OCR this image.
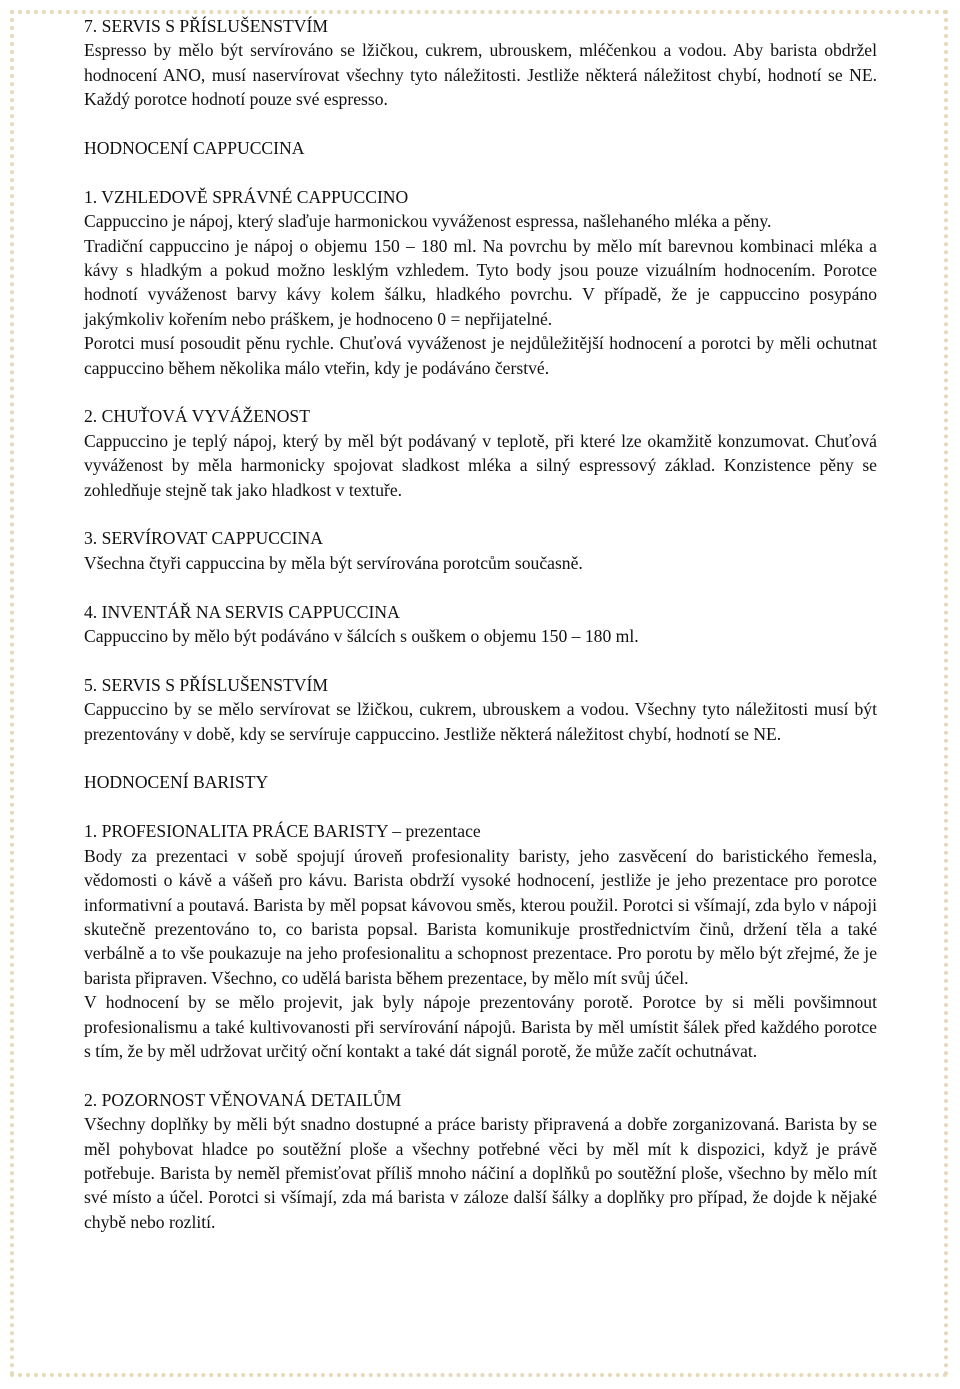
7. SERVIS S PŘÍSLUŠENSTVÍM

Espresso by mělo být servírováno se lžičkou, cukrem, ubrouskem, mléčenkou a vodou. Aby barista obdržel hodnocení ANO, musí naservírovat všechny tyto náležitosti. Jestliže některá náležitost chybí, hodnotí se NE. Každý porotce hodnotí pouze své espresso.

HODNOCENÍ CAPPUCCINA

1. VZHLEDOVĚ SPRÁVNÉ CAPPUCCINO

Cappuccino je nápoj, který slaďuje harmonickou vyváženost espressa, našlehaného mléka a pěny.

Tradiční cappuccino je nápoj o objemu 150 – 180 ml. Na povrchu by mělo mít barevnou kombinaci mléka a kávy s hladkým a pokud možno lesklým vzhledem. Tyto body jsou pouze vizuálním hodnocením. Porotce hodnotí vyváženost barvy kávy kolem šálku, hladkého povrchu. V případě, že je cappuccino posypáno jakýmkoliv kořením nebo práškem, je hodnoceno 0 = nepřijatelné.

Porotci musí posoudit pěnu rychle. Chuťová vyváženost je nejdůležitější hodnocení a porotci by měli ochutnat cappuccino během několika málo vteřin, kdy je podáváno čerstvé.

2. CHUŤOVÁ VYVÁŽENOST

Cappuccino je teplý nápoj, který by měl být podávaný v teplotě, při které lze okamžitě konzumovat. Chuťová vyváženost by měla harmonicky spojovat sladkost mléka a silný espressový základ. Konzistence pěny se zohledňuje stejně tak jako hladkost v textuře.

3. SERVÍROVAT CAPPUCCINA

Všechna čtyři cappuccina by měla být servírována porotcům současně.

4. INVENTÁŘ NA SERVIS CAPPUCCINA

Cappuccino by mělo být podáváno v šálcích s ouškem o objemu 150 – 180 ml.

5. SERVIS S PŘÍSLUŠENSTVÍM

Cappuccino by se mělo servírovat se lžičkou, cukrem, ubrouskem a vodou. Všechny tyto náležitosti musí být prezentovány v době, kdy se servíruje cappuccino. Jestliže některá náležitost chybí, hodnotí se NE.

HODNOCENÍ BARISTY

1. PROFESIONALITA PRÁCE BARISTY – prezentace

Body za prezentaci v sobě spojují úroveň profesionality baristy, jeho zasvěcení do baristického řemesla, vědomosti o kávě a vášeň pro kávu. Barista obdrží vysoké hodnocení, jestliže je jeho prezentace pro porotce informativní a poutavá. Barista by měl popsat kávovou směs, kterou použil. Porotci si všímají, zda bylo v nápoji skutečně prezentováno to, co barista popsal. Barista komunikuje prostřednictvím činů, držení těla a také verbálně a to vše poukazuje na jeho profesionalitu a schopnost prezentace. Pro porotu by mělo být zřejmé, že je barista připraven. Všechno, co udělá barista během prezentace, by mělo mít svůj účel.

V hodnocení by se mělo projevit, jak byly nápoje prezentovány porotě. Porotce by si měli povšimnout profesionalismu a také kultivovanosti při servírování nápojů. Barista by měl umístit šálek před každého porotce s tím, že by měl udržovat určitý oční kontakt a také dát signál porotě, že může začít ochutnávat.

2. POZORNOST VĚNOVANÁ DETAILŮM

Všechny doplňky by měli být snadno dostupné a práce baristy připravená a dobře zorganizovaná. Barista by se měl pohybovat hladce po soutěžní ploše a všechny potřebné věci by měl mít k dispozici, když je právě potřebuje. Barista by neměl přemisťovat příliš mnoho náčiní a doplňků po soutěžní ploše, všechno by mělo mít své místo a účel. Porotci si všímají, zda má barista v záloze další šálky a doplňky pro případ, že dojde k nějaké chybě nebo rozlití.
